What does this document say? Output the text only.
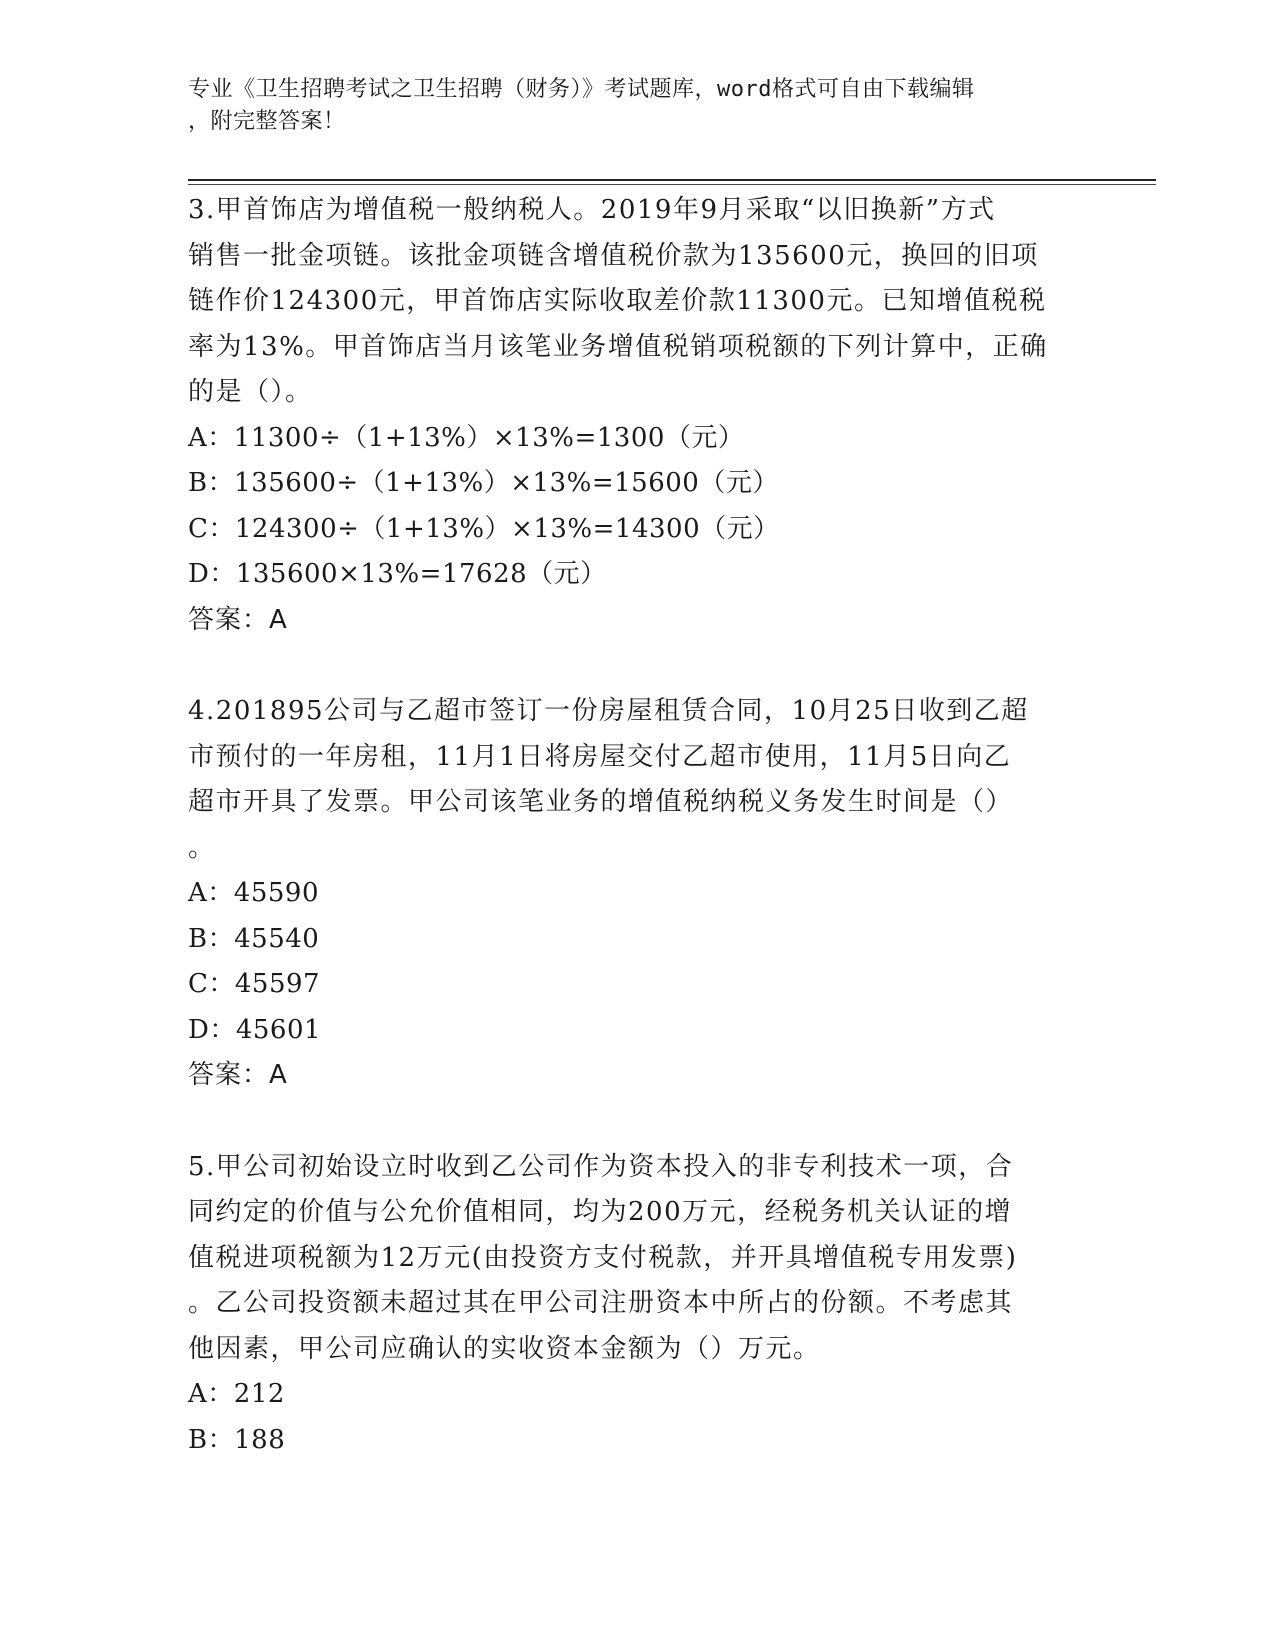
专业《卫生招聘考试之卫生招聘（财务）》考试题库，word格式可自由下载编辑
，附完整答案！

3.甲首饰店为增值税一般纳税人。2019年9月采取“以旧换新”方式
销售一批金项链。该批金项链含增值税价款为135600元，换回的旧项
链作价124300元，甲首饰店实际收取差价款11300元。已知增值税税
率为13%。甲首饰店当月该笔业务增值税销项税额的下列计算中，正确
的是（）。

A：11300÷（1+13%）×13%=1300（元）

B：135600÷（1+13%）×13%=15600（元）

C：124300÷（1+13%）×13%=14300（元）

D：135600×13%=17628（元）

答案：A

4.201895公司与乙超市签订一份房屋租赁合同，10月25日收到乙超
市预付的一年房租，11月1日将房屋交付乙超市使用，11月5日向乙
超市开具了发票。甲公司该笔业务的增值税纳税义务发生时间是（）
。

A：45590

B：45540

C：45597

D：45601

答案：A

5.甲公司初始设立时收到乙公司作为资本投入的非专利技术一项，合
同约定的价值与公允价值相同，均为200万元，经税务机关认证的增
值税进项税额为12万元(由投资方支付税款，并开具增值税专用发票)
。乙公司投资额未超过其在甲公司注册资本中所占的份额。不考虑其
他因素，甲公司应确认的实收资本金额为（）万元。

A：212

B：188
